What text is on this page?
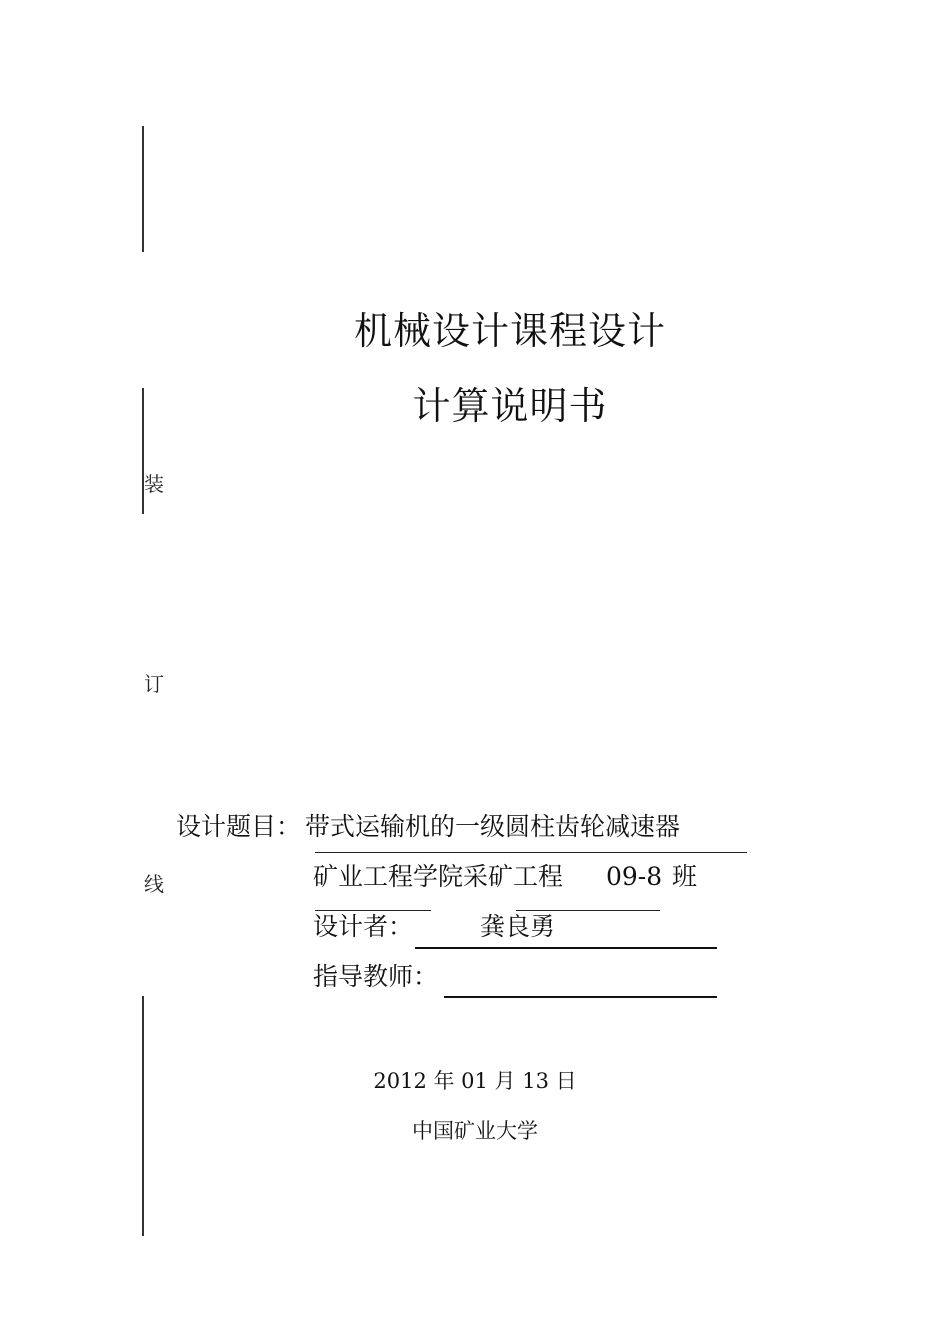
装
订
线
机械设计课程设计
计算说明书
设计题目： 带式运输机的一级圆柱齿轮减速器
矿业工程学院采矿工程 09-8 班
设计者：	龚良勇
指导教师：
2012 年 01 月 13 日
中国矿业大学
